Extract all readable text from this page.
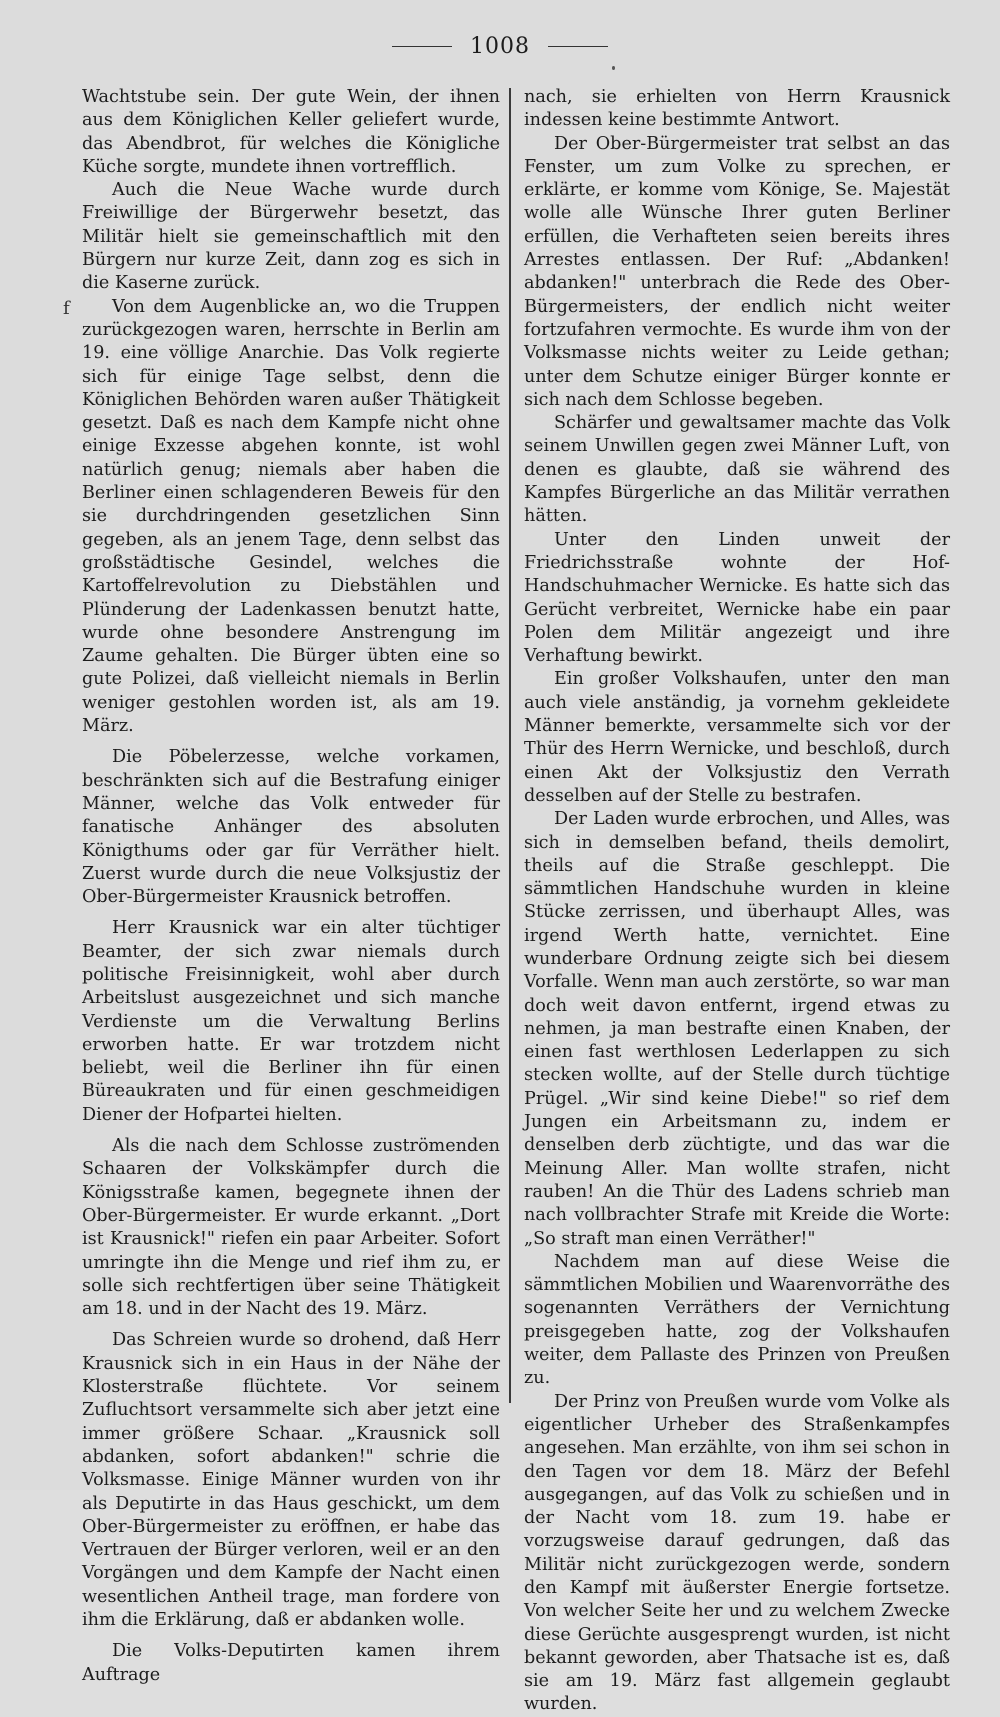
1008
f

Wachtstube sein. Der gute Wein, der ihnen aus dem Königlichen Keller geliefert wurde, das Abendbrot, für welches die Königliche Küche sorgte, mundete ihnen vortrefflich.

Auch die Neue Wache wurde durch Freiwillige der Bürgerwehr besetzt, das Militär hielt sie gemeinschaftlich mit den Bürgern nur kurze Zeit, dann zog es sich in die Kaserne zurück.

Von dem Augenblicke an, wo die Truppen zurückgezogen waren, herrschte in Berlin am 19. eine völlige Anarchie. Das Volk regierte sich für einige Tage selbst, denn die Königlichen Behörden waren außer Thätigkeit gesetzt. Daß es nach dem Kampfe nicht ohne einige Exzesse abgehen konnte, ist wohl natürlich genug; niemals aber haben die Berliner einen schlagenderen Beweis für den sie durchdringenden gesetzlichen Sinn gegeben, als an jenem Tage, denn selbst das großstädtische Gesindel, welches die Kartoffelrevolution zu Diebstählen und Plünderung der Ladenkassen benutzt hatte, wurde ohne besondere Anstrengung im Zaume gehalten. Die Bürger übten eine so gute Polizei, daß vielleicht niemals in Berlin weniger gestohlen worden ist, als am 19. März.

Die Pöbelerzesse, welche vorkamen, beschränkten sich auf die Bestrafung einiger Männer, welche das Volk entweder für fanatische Anhänger des absoluten Königthums oder gar für Verräther hielt. Zuerst wurde durch die neue Volksjustiz der Ober-Bürgermeister Krausnick betroffen.

Herr Krausnick war ein alter tüchtiger Beamter, der sich zwar niemals durch politische Freisinnigkeit, wohl aber durch Arbeitslust ausgezeichnet und sich manche Verdienste um die Verwaltung Berlins erworben hatte. Er war trotzdem nicht beliebt, weil die Berliner ihn für einen Büreaukraten und für einen geschmeidigen Diener der Hofpartei hielten.

Als die nach dem Schlosse zuströmenden Schaaren der Volkskämpfer durch die Königsstraße kamen, begegnete ihnen der Ober-Bürgermeister. Er wurde erkannt. „Dort ist Krausnick!" riefen ein paar Arbeiter. Sofort umringte ihn die Menge und rief ihm zu, er solle sich rechtfertigen über seine Thätigkeit am 18. und in der Nacht des 19. März.

Das Schreien wurde so drohend, daß Herr Krausnick sich in ein Haus in der Nähe der Klosterstraße flüchtete. Vor seinem Zufluchtsort versammelte sich aber jetzt eine immer größere Schaar. „Krausnick soll abdanken, sofort abdanken!" schrie die Volksmasse. Einige Männer wurden von ihr als Deputirte in das Haus geschickt, um dem Ober-Bürgermeister zu eröffnen, er habe das Vertrauen der Bürger verloren, weil er an den Vorgängen und dem Kampfe der Nacht einen wesentlichen Antheil trage, man fordere von ihm die Erklärung, daß er abdanken wolle.

Die Volks-Deputirten kamen ihrem Auftrage

nach, sie erhielten von Herrn Krausnick indessen keine bestimmte Antwort.

Der Ober-Bürgermeister trat selbst an das Fenster, um zum Volke zu sprechen, er erklärte, er komme vom Könige, Se. Majestät wolle alle Wünsche Ihrer guten Berliner erfüllen, die Verhafteten seien bereits ihres Arrestes entlassen. Der Ruf: „Abdanken! abdanken!" unterbrach die Rede des Ober-Bürgermeisters, der endlich nicht weiter fortzufahren vermochte. Es wurde ihm von der Volksmasse nichts weiter zu Leide gethan; unter dem Schutze einiger Bürger konnte er sich nach dem Schlosse begeben.

Schärfer und gewaltsamer machte das Volk seinem Unwillen gegen zwei Männer Luft, von denen es glaubte, daß sie während des Kampfes Bürgerliche an das Militär verrathen hätten.

Unter den Linden unweit der Friedrichsstraße wohnte der Hof-Handschuhmacher Wernicke. Es hatte sich das Gerücht verbreitet, Wernicke habe ein paar Polen dem Militär angezeigt und ihre Verhaftung bewirkt.

Ein großer Volkshaufen, unter den man auch viele anständig, ja vornehm gekleidete Männer bemerkte, versammelte sich vor der Thür des Herrn Wernicke, und beschloß, durch einen Akt der Volksjustiz den Verrath desselben auf der Stelle zu bestrafen.

Der Laden wurde erbrochen, und Alles, was sich in demselben befand, theils demolirt, theils auf die Straße geschleppt. Die sämmtlichen Handschuhe wurden in kleine Stücke zerrissen, und überhaupt Alles, was irgend Werth hatte, vernichtet. Eine wunderbare Ordnung zeigte sich bei diesem Vorfalle. Wenn man auch zerstörte, so war man doch weit davon entfernt, irgend etwas zu nehmen, ja man bestrafte einen Knaben, der einen fast werthlosen Lederlappen zu sich stecken wollte, auf der Stelle durch tüchtige Prügel. „Wir sind keine Diebe!" so rief dem Jungen ein Arbeitsmann zu, indem er denselben derb züchtigte, und das war die Meinung Aller. Man wollte strafen, nicht rauben! An die Thür des Ladens schrieb man nach vollbrachter Strafe mit Kreide die Worte: „So straft man einen Verräther!"

Nachdem man auf diese Weise die sämmtlichen Mobilien und Waarenvorräthe des sogenannten Verräthers der Vernichtung preisgegeben hatte, zog der Volkshaufen weiter, dem Pallaste des Prinzen von Preußen zu.

Der Prinz von Preußen wurde vom Volke als eigentlicher Urheber des Straßenkampfes angesehen. Man erzählte, von ihm sei schon in den Tagen vor dem 18. März der Befehl ausgegangen, auf das Volk zu schießen und in der Nacht vom 18. zum 19. habe er vorzugsweise darauf gedrungen, daß das Militär nicht zurückgezogen werde, sondern den Kampf mit äußerster Energie fortsetze. Von welcher Seite her und zu welchem Zwecke diese Gerüchte ausgesprengt wurden, ist nicht bekannt geworden, aber Thatsache ist es, daß sie am 19. März fast allgemein geglaubt wurden.
